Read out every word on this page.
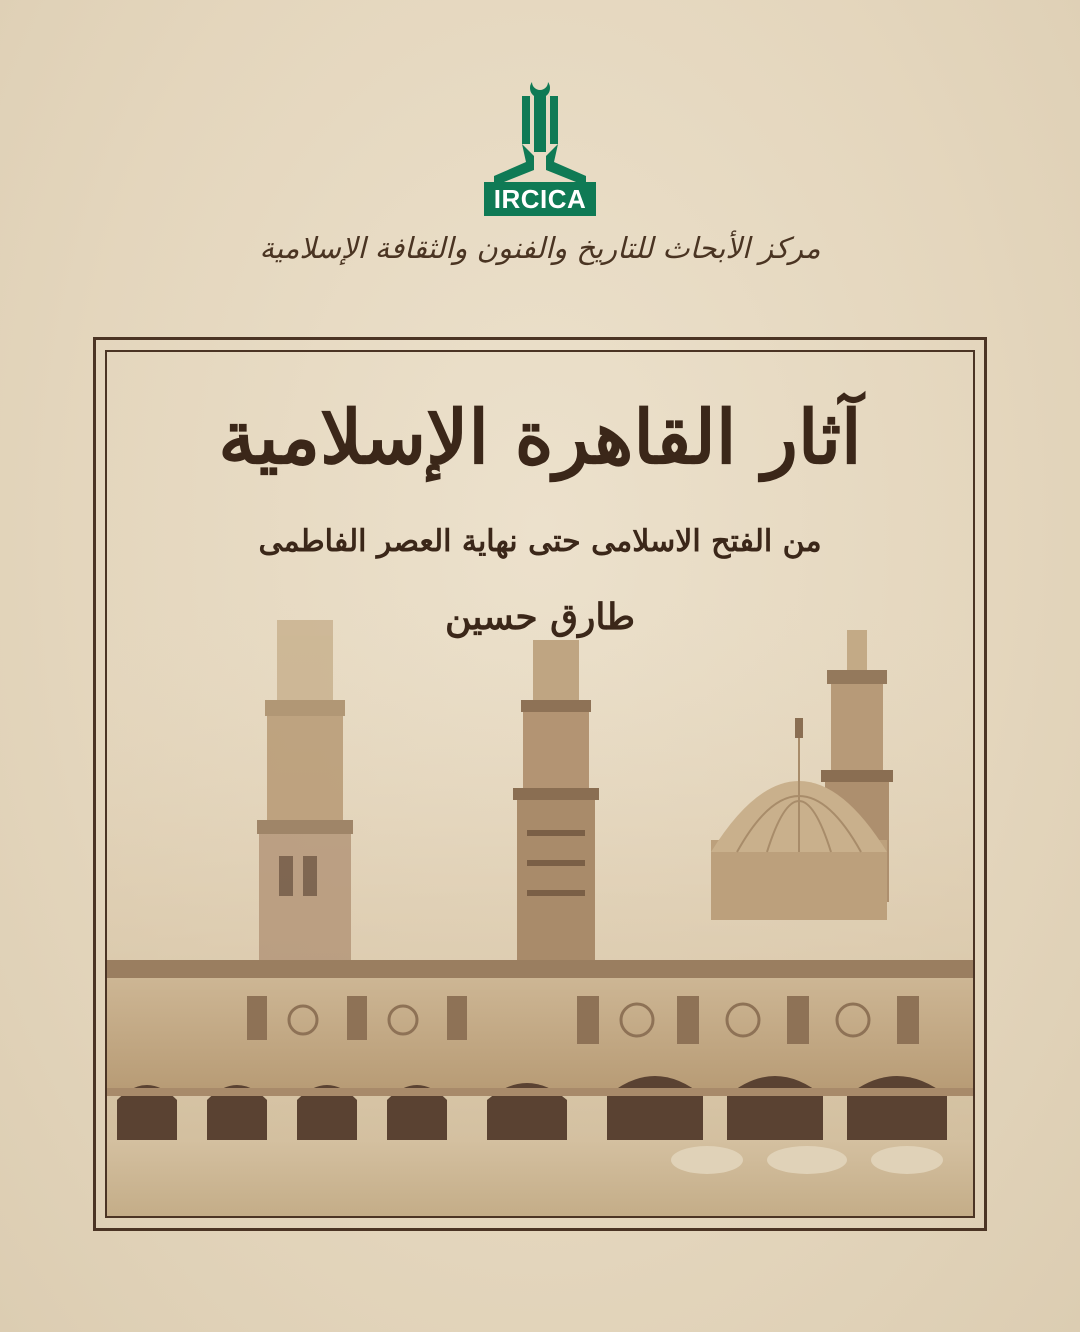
IRCICA
مركز الأبحاث للتاريخ والفنون والثقافة الإسلامية
آثار القاهرة الإسلامية
من الفتح الاسلامى حتى نهاية العصر الفاطمى
طارق حسين
